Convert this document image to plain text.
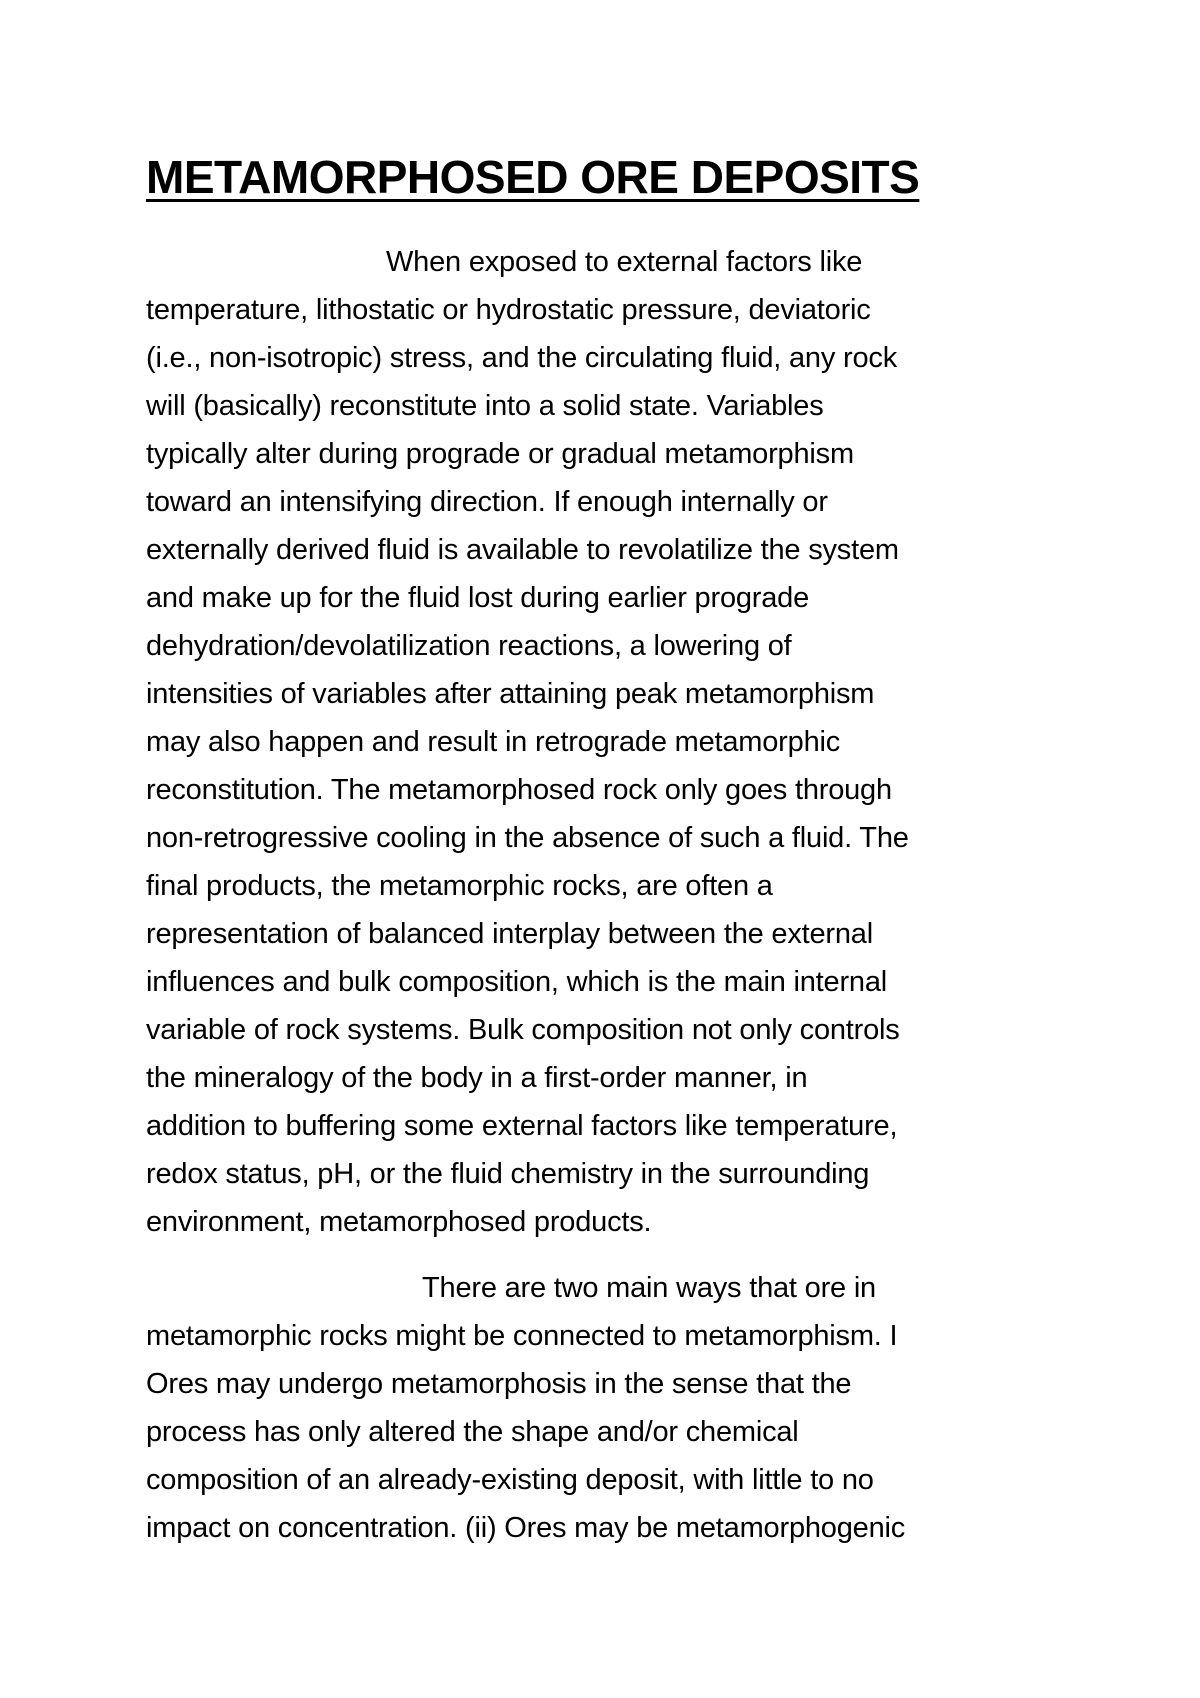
METAMORPHOSED ORE DEPOSITS
When exposed to external factors like
temperature, lithostatic or hydrostatic pressure, deviatoric
(i.e., non-isotropic) stress, and the circulating fluid, any rock
will (basically) reconstitute into a solid state. Variables
typically alter during prograde or gradual metamorphism
toward an intensifying direction. If enough internally or
externally derived fluid is available to revolatilize the system
and make up for the fluid lost during earlier prograde
dehydration/devolatilization reactions, a lowering of
intensities of variables after attaining peak metamorphism
may also happen and result in retrograde metamorphic
reconstitution. The metamorphosed rock only goes through
non-retrogressive cooling in the absence of such a fluid. The
final products, the metamorphic rocks, are often a
representation of balanced interplay between the external
influences and bulk composition, which is the main internal
variable of rock systems. Bulk composition not only controls
the mineralogy of the body in a first-order manner, in
addition to buffering some external factors like temperature,
redox status, pH, or the fluid chemistry in the surrounding
environment, metamorphosed products.
There are two main ways that ore in
metamorphic rocks might be connected to metamorphism. I
Ores may undergo metamorphosis in the sense that the
process has only altered the shape and/or chemical
composition of an already-existing deposit, with little to no
impact on concentration. (ii) Ores may be metamorphogenic
